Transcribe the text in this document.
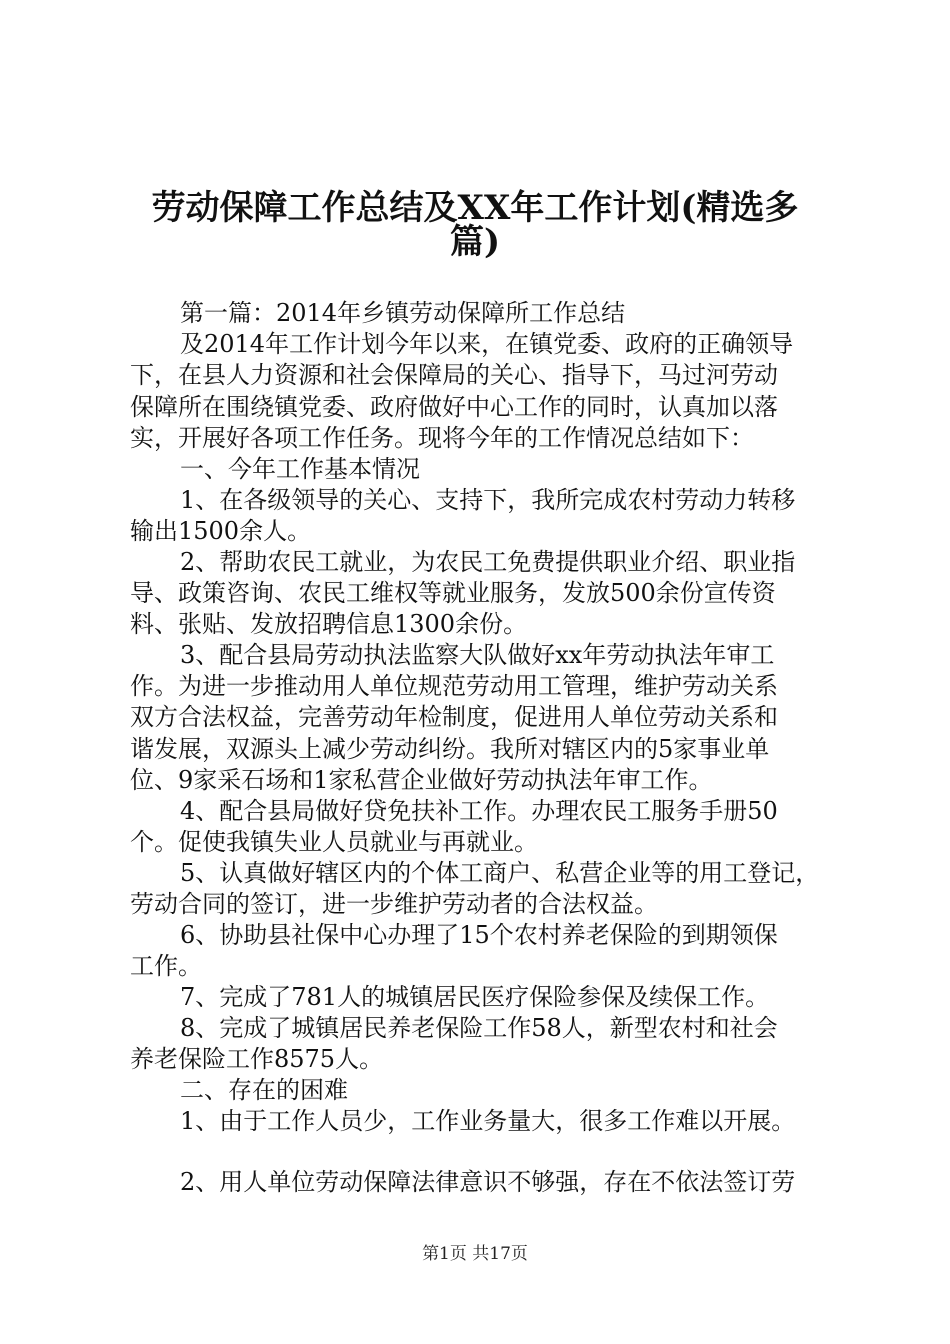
劳动保障工作总结及XX年工作计划(精选多
篇)
第一篇：2014年乡镇劳动保障所工作总结
及2014年工作计划今年以来，在镇党委、政府的正确领导
下，在县人力资源和社会保障局的关心、指导下，马过河劳动
保障所在围绕镇党委、政府做好中心工作的同时，认真加以落
实，开展好各项工作任务。现将今年的工作情况总结如下：
一、今年工作基本情况
1、在各级领导的关心、支持下，我所完成农村劳动力转移
输出1500余人。
2、帮助农民工就业，为农民工免费提供职业介绍、职业指
导、政策咨询、农民工维权等就业服务，发放500余份宣传资
料、张贴、发放招聘信息1300余份。
3、配合县局劳动执法监察大队做好xx年劳动执法年审工
作。为进一步推动用人单位规范劳动用工管理，维护劳动关系
双方合法权益，完善劳动年检制度，促进用人单位劳动关系和
谐发展，双源头上减少劳动纠纷。我所对辖区内的5家事业单
位、9家采石场和1家私营企业做好劳动执法年审工作。
4、配合县局做好贷免扶补工作。办理农民工服务手册50
个。促使我镇失业人员就业与再就业。
5、认真做好辖区内的个体工商户、私营企业等的用工登记，
劳动合同的签订，进一步维护劳动者的合法权益。
6、协助县社保中心办理了15个农村养老保险的到期领保
工作。
7、完成了781人的城镇居民医疗保险参保及续保工作。
8、完成了城镇居民养老保险工作58人，新型农村和社会
养老保险工作8575人。
二、存在的困难
1、由于工作人员少，工作业务量大，很多工作难以开展。
2、用人单位劳动保障法律意识不够强，存在不依法签订劳
第1页 共17页
